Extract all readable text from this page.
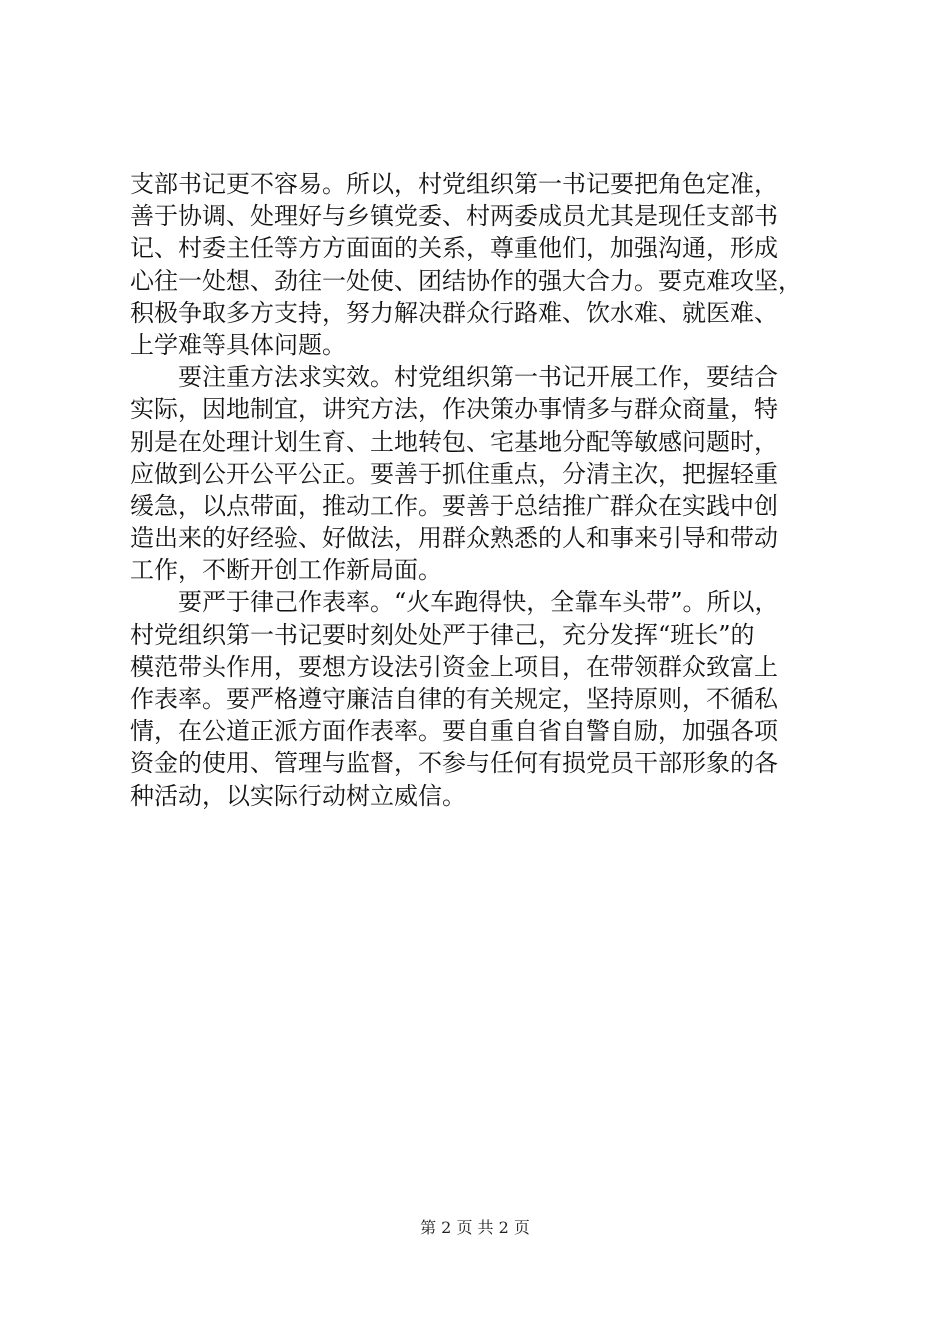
支部书记更不容易。所以，村党组织第一书记要把角色定准，
善于协调、处理好与乡镇党委、村两委成员尤其是现任支部书
记、村委主任等方方面面的关系，尊重他们，加强沟通，形成
心往一处想、劲往一处使、团结协作的强大合力。要克难攻坚，
积极争取多方支持，努力解决群众行路难、饮水难、就医难、
上学难等具体问题。
　　要注重方法求实效。村党组织第一书记开展工作，要结合
实际，因地制宜，讲究方法，作决策办事情多与群众商量，特
别是在处理计划生育、土地转包、宅基地分配等敏感问题时，
应做到公开公平公正。要善于抓住重点，分清主次，把握轻重
缓急，以点带面，推动工作。要善于总结推广群众在实践中创
造出来的好经验、好做法，用群众熟悉的人和事来引导和带动
工作，不断开创工作新局面。
　　要严于律己作表率。“火车跑得快，全靠车头带”。所以，
村党组织第一书记要时刻处处严于律己，充分发挥“班长”的
模范带头作用，要想方设法引资金上项目，在带领群众致富上
作表率。要严格遵守廉洁自律的有关规定，坚持原则，不循私
情，在公道正派方面作表率。要自重自省自警自励，加强各项
资金的使用、管理与监督，不参与任何有损党员干部形象的各
种活动，以实际行动树立威信。
第 2 页 共 2 页
